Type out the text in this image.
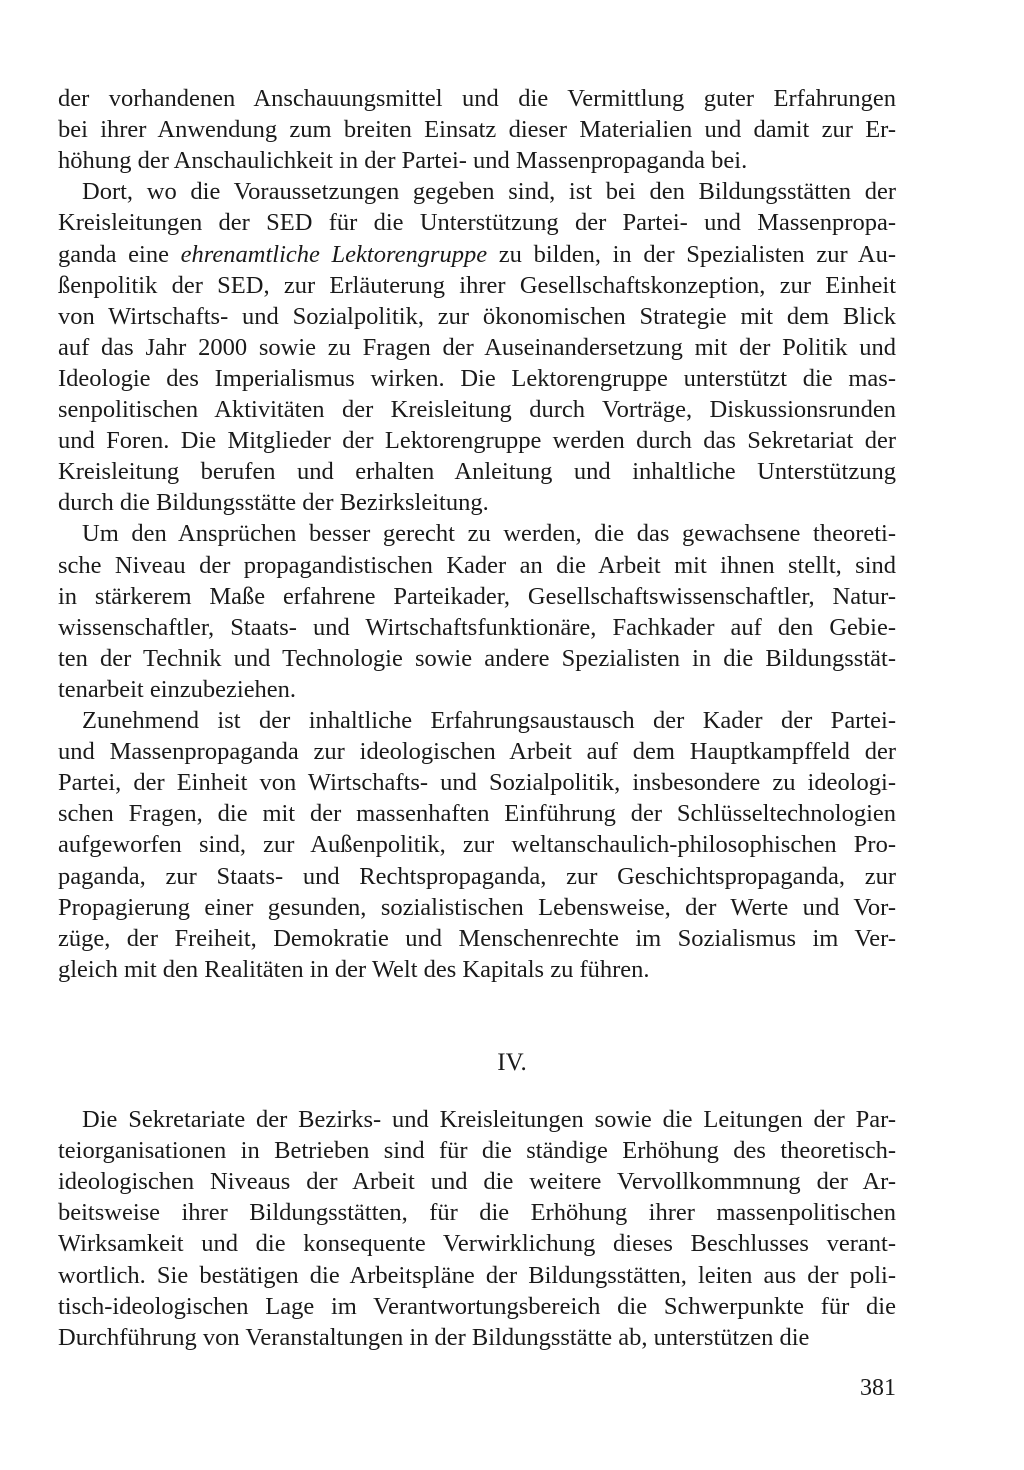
der vorhandenen Anschauungsmittel und die Vermittlung guter Erfahrungen
bei ihrer Anwendung zum breiten Einsatz dieser Materialien und damit zur Er-
höhung der Anschaulichkeit in der Partei- und Massenpropaganda bei.
Dort, wo die Voraussetzungen gegeben sind, ist bei den Bildungsstätten der
Kreisleitungen der SED für die Unterstützung der Partei- und Massenpropa-
ganda eine ehrenamtliche Lektorengruppe zu bilden, in der Spezialisten zur Au-
ßenpolitik der SED, zur Erläuterung ihrer Gesellschaftskonzeption, zur Einheit
von Wirtschafts- und Sozialpolitik, zur ökonomischen Strategie mit dem Blick
auf das Jahr 2000 sowie zu Fragen der Auseinandersetzung mit der Politik und
Ideologie des Imperialismus wirken. Die Lektorengruppe unterstützt die mas-
senpolitischen Aktivitäten der Kreisleitung durch Vorträge, Diskussionsrunden
und Foren. Die Mitglieder der Lektorengruppe werden durch das Sekretariat der
Kreisleitung berufen und erhalten Anleitung und inhaltliche Unterstützung
durch die Bildungsstätte der Bezirksleitung.
Um den Ansprüchen besser gerecht zu werden, die das gewachsene theoreti-
sche Niveau der propagandistischen Kader an die Arbeit mit ihnen stellt, sind
in stärkerem Maße erfahrene Parteikader, Gesellschaftswissenschaftler, Natur-
wissenschaftler, Staats- und Wirtschaftsfunktionäre, Fachkader auf den Gebie-
ten der Technik und Technologie sowie andere Spezialisten in die Bildungsstät-
tenarbeit einzubeziehen.
Zunehmend ist der inhaltliche Erfahrungsaustausch der Kader der Partei-
und Massenpropaganda zur ideologischen Arbeit auf dem Hauptkampffeld der
Partei, der Einheit von Wirtschafts- und Sozialpolitik, insbesondere zu ideologi-
schen Fragen, die mit der massenhaften Einführung der Schlüsseltechnologien
aufgeworfen sind, zur Außenpolitik, zur weltanschaulich-philosophischen Pro-
paganda, zur Staats- und Rechtspropaganda, zur Geschichtspropaganda, zur
Propagierung einer gesunden, sozialistischen Lebensweise, der Werte und Vor-
züge, der Freiheit, Demokratie und Menschenrechte im Sozialismus im Ver-
gleich mit den Realitäten in der Welt des Kapitals zu führen.
IV.
Die Sekretariate der Bezirks- und Kreisleitungen sowie die Leitungen der Par-
teiorganisationen in Betrieben sind für die ständige Erhöhung des theoretisch-
ideologischen Niveaus der Arbeit und die weitere Vervollkommnung der Ar-
beitsweise ihrer Bildungsstätten, für die Erhöhung ihrer massenpolitischen
Wirksamkeit und die konsequente Verwirklichung dieses Beschlusses verant-
wortlich. Sie bestätigen die Arbeitspläne der Bildungsstätten, leiten aus der poli-
tisch-ideologischen Lage im Verantwortungsbereich die Schwerpunkte für die
Durchführung von Veranstaltungen in der Bildungsstätte ab, unterstützen die
381
